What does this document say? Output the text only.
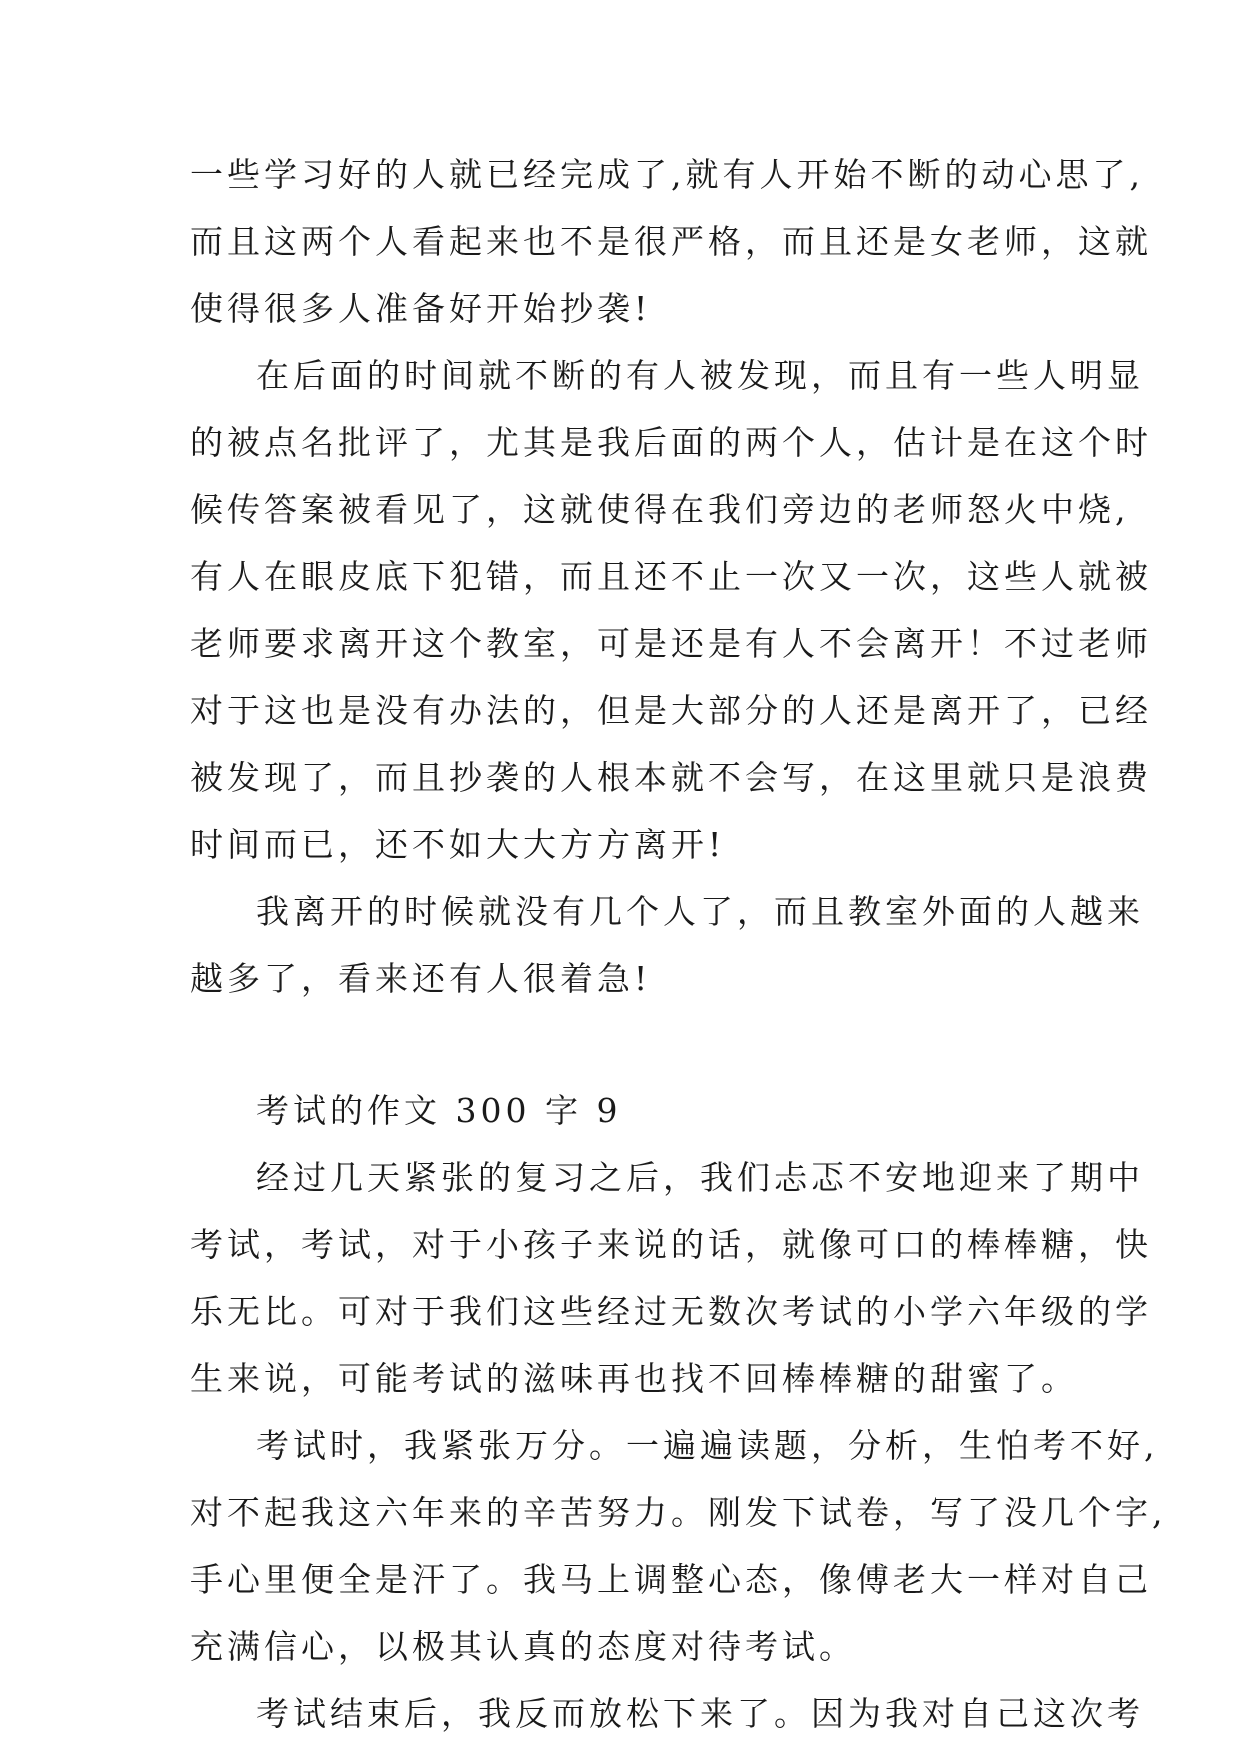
一些学习好的人就已经完成了,就有人开始不断的动心思了,
而且这两个人看起来也不是很严格，而且还是女老师，这就
使得很多人准备好开始抄袭!
在后面的时间就不断的有人被发现，而且有一些人明显
的被点名批评了，尤其是我后面的两个人，估计是在这个时
候传答案被看见了，这就使得在我们旁边的老师怒火中烧,
有人在眼皮底下犯错，而且还不止一次又一次，这些人就被
老师要求离开这个教室，可是还是有人不会离开！不过老师
对于这也是没有办法的，但是大部分的人还是离开了，已经
被发现了，而且抄袭的人根本就不会写，在这里就只是浪费
时间而已，还不如大大方方离开!
我离开的时候就没有几个人了，而且教室外面的人越来
越多了，看来还有人很着急!
考试的作文 300 字 9
经过几天紧张的复习之后，我们忐忑不安地迎来了期中
考试，考试，对于小孩子来说的话，就像可口的棒棒糖，快
乐无比。可对于我们这些经过无数次考试的小学六年级的学
生来说，可能考试的滋味再也找不回棒棒糖的甜蜜了。
考试时，我紧张万分。一遍遍读题，分析，生怕考不好,
对不起我这六年来的辛苦努力。刚发下试卷，写了没几个字,
手心里便全是汗了。我马上调整心态，像傅老大一样对自己
充满信心，以极其认真的态度对待考试。
考试结束后，我反而放松下来了。因为我对自己这次考
